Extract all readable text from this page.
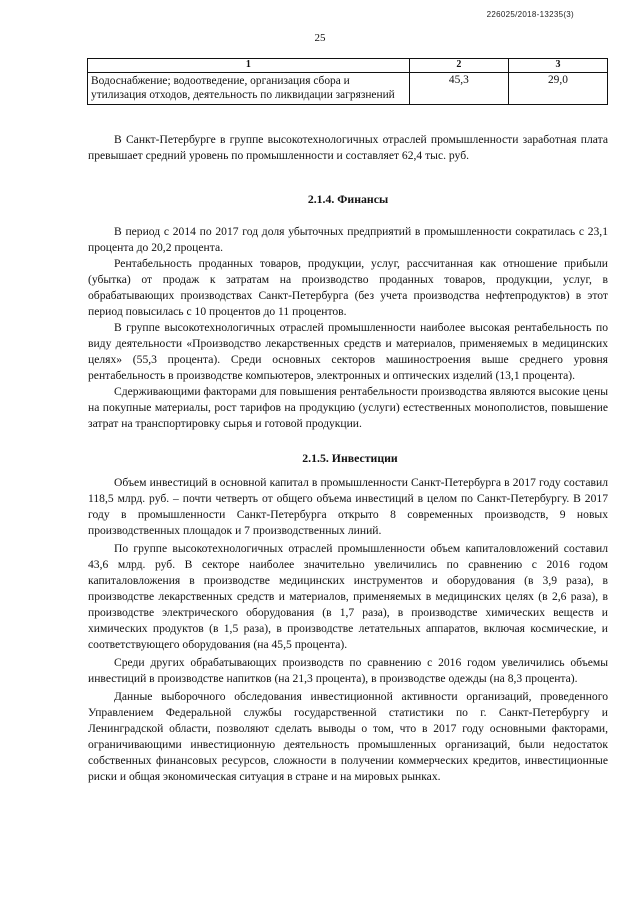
226025/2018-13235(3)
25
1	2	3
Водоснабжение; водоотведение, организация сбора и утилизация отходов, деятельность по ликвидации загрязнений	45,3	29,0

В Санкт-Петербурге в группе высокотехнологичных отраслей промышленности заработная плата превышает средний уровень по промышленности и составляет 62,4 тыс. руб.

2.1.4. Финансы

В период с 2014 по 2017 год доля убыточных предприятий в промышленности сократилась с 23,1 процента до 20,2 процента.

Рентабельность проданных товаров, продукции, услуг, рассчитанная как отношение прибыли (убытка) от продаж к затратам на производство проданных товаров, продукции, услуг, в обрабатывающих производствах Санкт-Петербурга (без учета производства нефтепродуктов) в этот период повысилась с 10 процентов до 11 процентов.

В группе высокотехнологичных отраслей промышленности наиболее высокая рентабельность по виду деятельности «Производство лекарственных средств и материалов, применяемых в медицинских целях» (55,3 процента). Среди основных секторов машиностроения выше среднего уровня рентабельность в производстве компьютеров, электронных и оптических изделий (13,1 процента).

Сдерживающими факторами для повышения рентабельности производства являются высокие цены на покупные материалы, рост тарифов на продукцию (услуги) естественных монополистов, повышение затрат на транспортировку сырья и готовой продукции.

2.1.5. Инвестиции

Объем инвестиций в основной капитал в промышленности Санкт-Петербурга в 2017 году составил 118,5 млрд. руб. – почти четверть от общего объема инвестиций в целом по Санкт-Петербургу. В 2017 году в промышленности Санкт-Петербурга открыто 8 современных производств, 9 новых производственных площадок и 7 производственных линий.

По группе высокотехнологичных отраслей промышленности объем капиталовложений составил 43,6 млрд. руб. В секторе наиболее значительно увеличились по сравнению с 2016 годом капиталовложения в производстве медицинских инструментов и оборудования (в 3,9 раза), в производстве лекарственных средств и материалов, применяемых в медицинских целях (в 2,6 раза), в производстве электрического оборудования (в 1,7 раза), в производстве химических веществ и химических продуктов (в 1,5 раза), в производстве летательных аппаратов, включая космические, и соответствующего оборудования (на 45,5 процента).

Среди других обрабатывающих производств по сравнению с 2016 годом увеличились объемы инвестиций в производстве напитков (на 21,3 процента), в производстве одежды (на 8,3 процента).

Данные выборочного обследования инвестиционной активности организаций, проведенного Управлением Федеральной службы государственной статистики по г. Санкт-Петербургу и Ленинградской области, позволяют сделать выводы о том, что в 2017 году основными факторами, ограничивающими инвестиционную деятельность промышленных организаций, были недостаток собственных финансовых ресурсов, сложности в получении коммерческих кредитов, инвестиционные риски и общая экономическая ситуация в стране и на мировых рынках.
